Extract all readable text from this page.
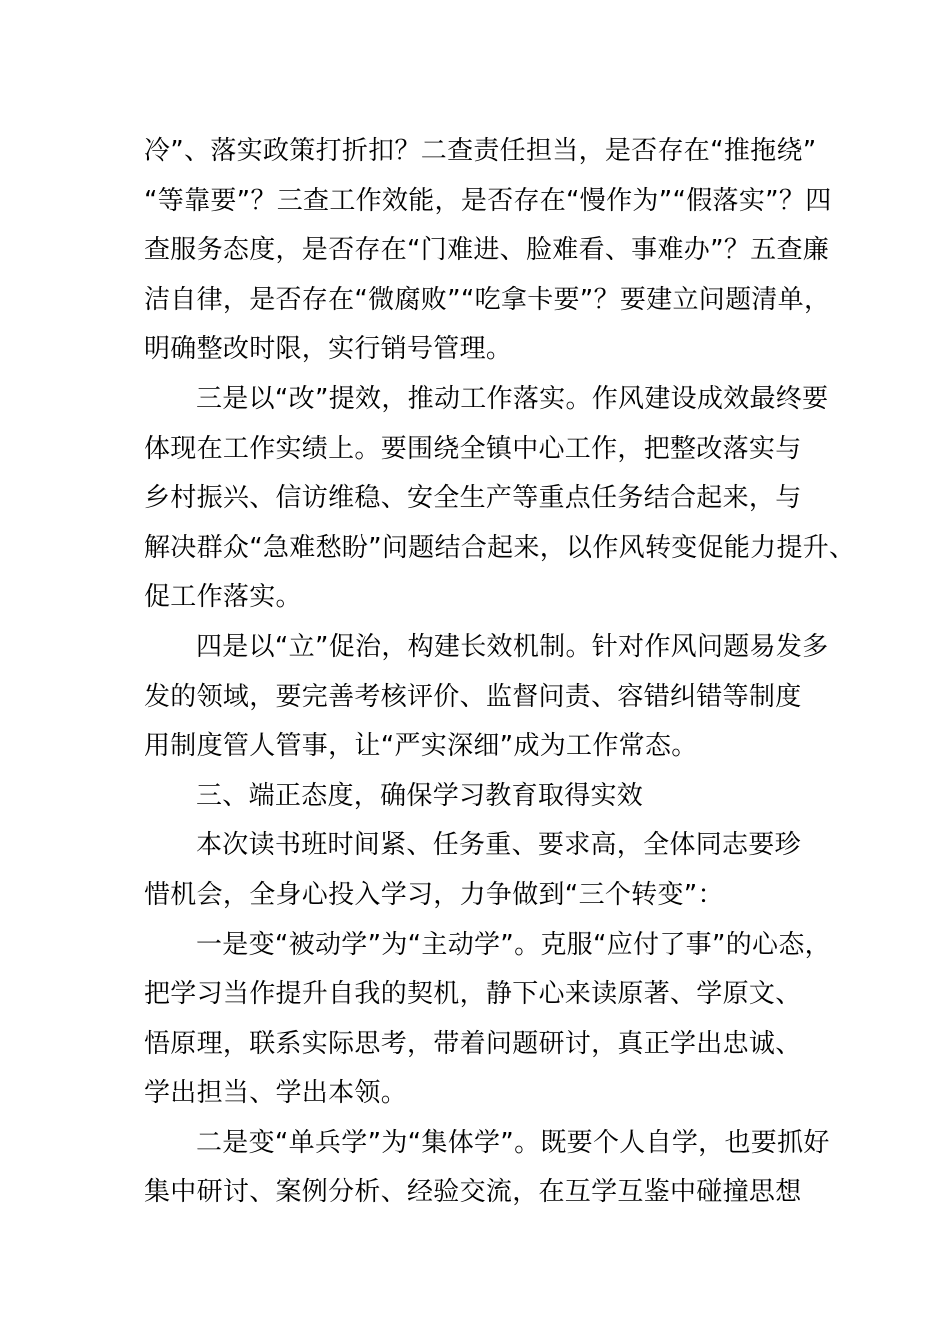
冷”、落实政策打折扣？二查责任担当，是否存在“推拖绕”
“等靠要”？三查工作效能，是否存在“慢作为”“假落实”？四
查服务态度，是否存在“门难进、脸难看、事难办”？五查廉
洁自律，是否存在“微腐败”“吃拿卡要”？要建立问题清单，
明确整改时限，实行销号管理。
三是以“改”提效，推动工作落实。作风建设成效最终要
体现在工作实绩上。要围绕全镇中心工作，把整改落实与
乡村振兴、信访维稳、安全生产等重点任务结合起来，与
解决群众“急难愁盼”问题结合起来，以作风转变促能力提升、
促工作落实。
四是以“立”促治，构建长效机制。针对作风问题易发多
发的领域，要完善考核评价、监督问责、容错纠错等制度
用制度管人管事，让“严实深细”成为工作常态。
三、端正态度，确保学习教育取得实效
本次读书班时间紧、任务重、要求高，全体同志要珍
惜机会，全身心投入学习，力争做到“三个转变”：
一是变“被动学”为“主动学”。克服“应付了事”的心态，
把学习当作提升自我的契机，静下心来读原著、学原文、
悟原理，联系实际思考，带着问题研讨，真正学出忠诚、
学出担当、学出本领。
二是变“单兵学”为“集体学”。既要个人自学，也要抓好
集中研讨、案例分析、经验交流，在互学互鉴中碰撞思想
